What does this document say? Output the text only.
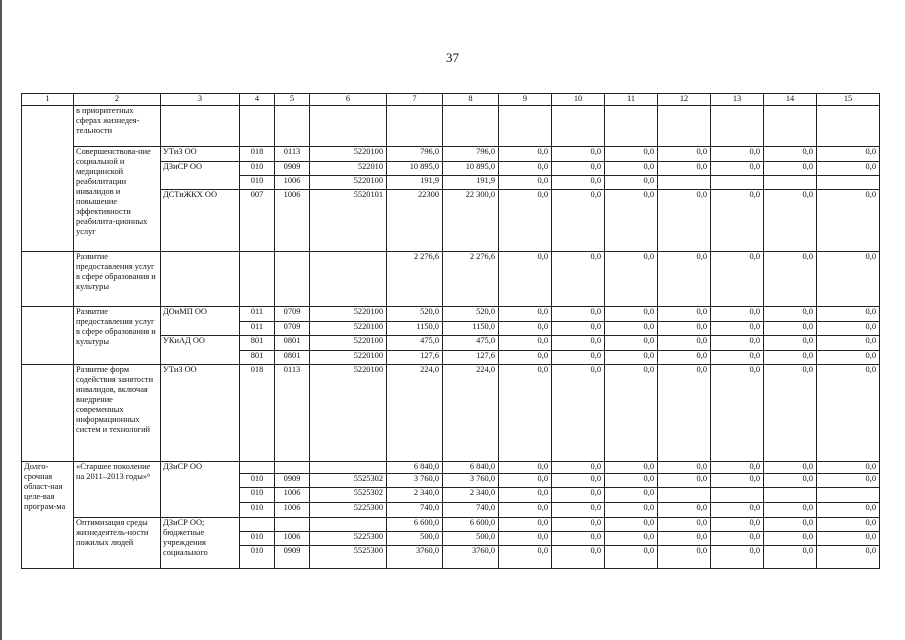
37
1	2	3	4	5	6	7	8	9	10	11	12	13	14	15
	в приоритетных сферах жизнедея-тельности													
	Совершенствова-ние социальной и медицинской реабилитации инвалидов и повышение эффективности реабилита-ционных услуг	УТиЗ ОО	018	0113	5220100	796,0	796,0	0,0	0,0	0,0	0,0	0,0	0,0	0,0
		ДЗиСР ОО	010	0909	522010	10 895,0	10 895,0	0,0	0,0	0,0	0,0	0,0	0,0	0,0
			010	1006	5220100	191,9	191,9	0,0	0,0	0,0				
		ДСТиЖКХ ОО	007	1006	5520101	22300	22 300,0	0,0	0,0	0,0	0,0	0,0	0,0	0,0
	Развитие предоставления услуг в сфере образования и культуры					2 276,6	2 276,6	0,0	0,0	0,0	0,0	0,0	0,0	0,0
	Развитие предоставления услуг в сфере образования и культуры	ДОиМП ОО	011	0709	5220100	520,0	520,0	0,0	0,0	0,0	0,0	0,0	0,0	0,0
			011	0709	5220100	1150,0	1150,0	0,0	0,0	0,0	0,0	0,0	0,0	0,0
		УКиАД ОО	801	0801	5220100	475,0	475,0	0,0	0,0	0,0	0,0	0,0	0,0	0,0
			801	0801	5220100	127,6	127,6	0,0	0,0	0,0	0,0	0,0	0,0	0,0
	Развитие форм содействия занятости инвалидов, включая внедрение современных информационных систем и технологий	УТиЗ ОО	018	0113	5220100	224,0	224,0	0,0	0,0	0,0	0,0	0,0	0,0	0,0
Долго-срочная област-ная целе-вая програм-ма	«Старшее поколение на 2011–2013 годы»⁹	ДЗиСР ОО				6 840,0	6 840,0	0,0	0,0	0,0	0,0	0,0	0,0	0,0
			010	0909	5525302	3 760,0	3 760,0	0,0	0,0	0,0	0,0	0,0	0,0	0,0
			010	1006	5525302	2 340,0	2 340,0	0,0	0,0	0,0				
			010	1006	5225300	740,0	740,0	0,0	0,0	0,0	0,0	0,0	0,0	0,0
	Оптимизация среды жизнедеятель-ности пожилых людей	ДЗиСР ОО; бюджетные учреждения социального				6 600,0	6 600,0	0,0	0,0	0,0	0,0	0,0	0,0	0,0
			010	1006	5225300	500,0	500,0	0,0	0,0	0,0	0,0	0,0	0,0	0,0
			010	0909	5525300	3760,0	3760,0	0,0	0,0	0,0	0,0	0,0	0,0	0,0
